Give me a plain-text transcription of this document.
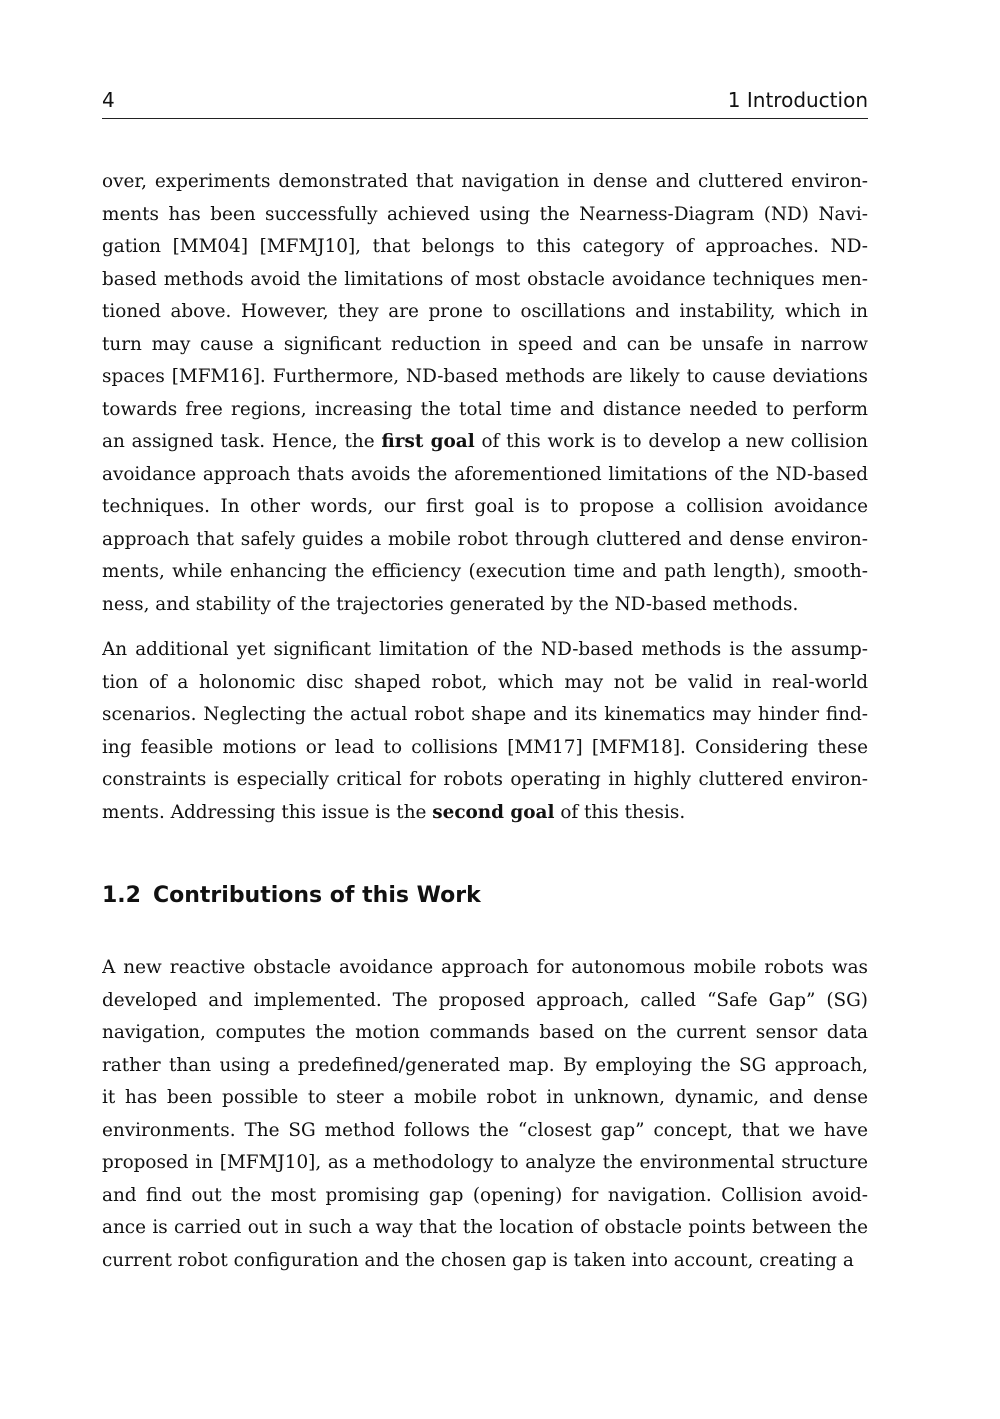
4	1 Introduction
over, experiments demonstrated that navigation in dense and cluttered environ-
ments has been successfully achieved using the Nearness-Diagram (ND) Navi-
gation [MM04] [MFMJ10], that belongs to this category of approaches. ND-
based methods avoid the limitations of most obstacle avoidance techniques men-
tioned above. However, they are prone to oscillations and instability, which in
turn may cause a significant reduction in speed and can be unsafe in narrow
spaces [MFM16]. Furthermore, ND-based methods are likely to cause deviations
towards free regions, increasing the total time and distance needed to perform
an assigned task. Hence, the first goal of this work is to develop a new collision
avoidance approach thats avoids the aforementioned limitations of the ND-based
techniques. In other words, our first goal is to propose a collision avoidance
approach that safely guides a mobile robot through cluttered and dense environ-
ments, while enhancing the efficiency (execution time and path length), smooth-
ness, and stability of the trajectories generated by the ND-based methods.
An additional yet significant limitation of the ND-based methods is the assump-
tion of a holonomic disc shaped robot, which may not be valid in real-world
scenarios. Neglecting the actual robot shape and its kinematics may hinder find-
ing feasible motions or lead to collisions [MM17] [MFM18]. Considering these
constraints is especially critical for robots operating in highly cluttered environ-
ments. Addressing this issue is the second goal of this thesis.
1.2 Contributions of this Work
A new reactive obstacle avoidance approach for autonomous mobile robots was
developed and implemented. The proposed approach, called “Safe Gap” (SG)
navigation, computes the motion commands based on the current sensor data
rather than using a predefined/generated map. By employing the SG approach,
it has been possible to steer a mobile robot in unknown, dynamic, and dense
environments. The SG method follows the “closest gap” concept, that we have
proposed in [MFMJ10], as a methodology to analyze the environmental structure
and find out the most promising gap (opening) for navigation. Collision avoid-
ance is carried out in such a way that the location of obstacle points between the
current robot configuration and the chosen gap is taken into account, creating a
